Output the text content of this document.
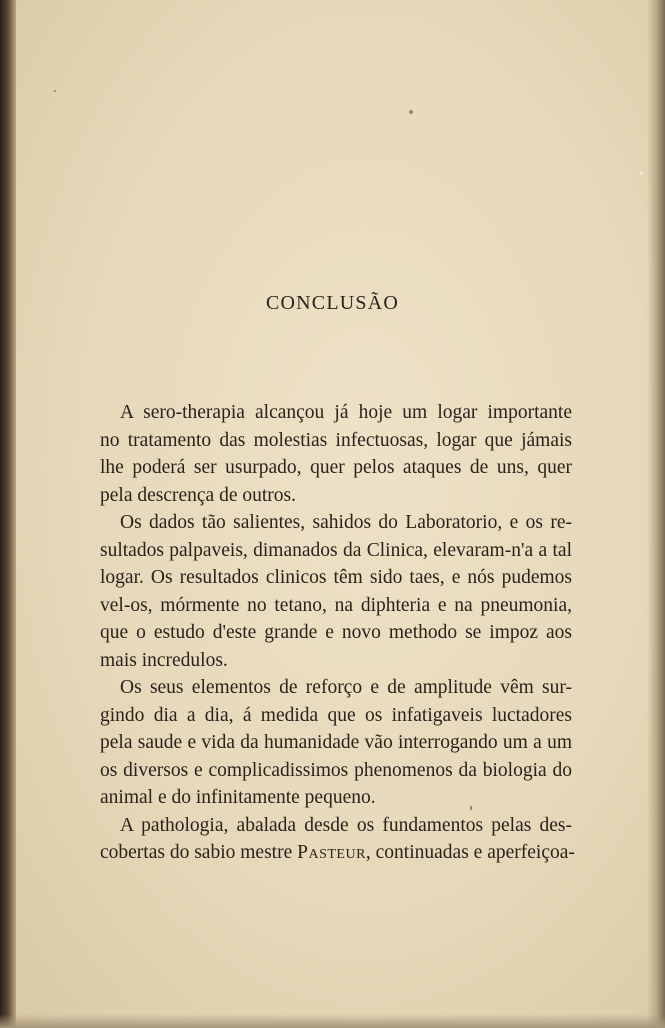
CONCLUSÃO
A sero-therapia alcançou já hoje um logar importante
no tratamento das molestias infectuosas, logar que jámais
lhe poderá ser usurpado, quer pelos ataques de uns, quer
pela descrença de outros.
Os dados tão salientes, sahidos do Laboratorio, e os re-
sultados palpaveis, dimanados da Clinica, elevaram-n'a a tal
logar. Os resultados clinicos têm sido taes, e nós pudemos
vel-os, mórmente no tetano, na diphteria e na pneumonia,
que o estudo d'este grande e novo methodo se impoz aos
mais incredulos.
Os seus elementos de reforço e de amplitude vêm sur-
gindo dia a dia, á medida que os infatigaveis luctadores
pela saude e vida da humanidade vão interrogando um a um
os diversos e complicadissimos phenomenos da biologia do
animal e do infinitamente pequeno.
A pathologia, abalada desde os fundamentos pelas des-
cobertas do sabio mestre Pasteur, continuadas e aperfeiçoa-
